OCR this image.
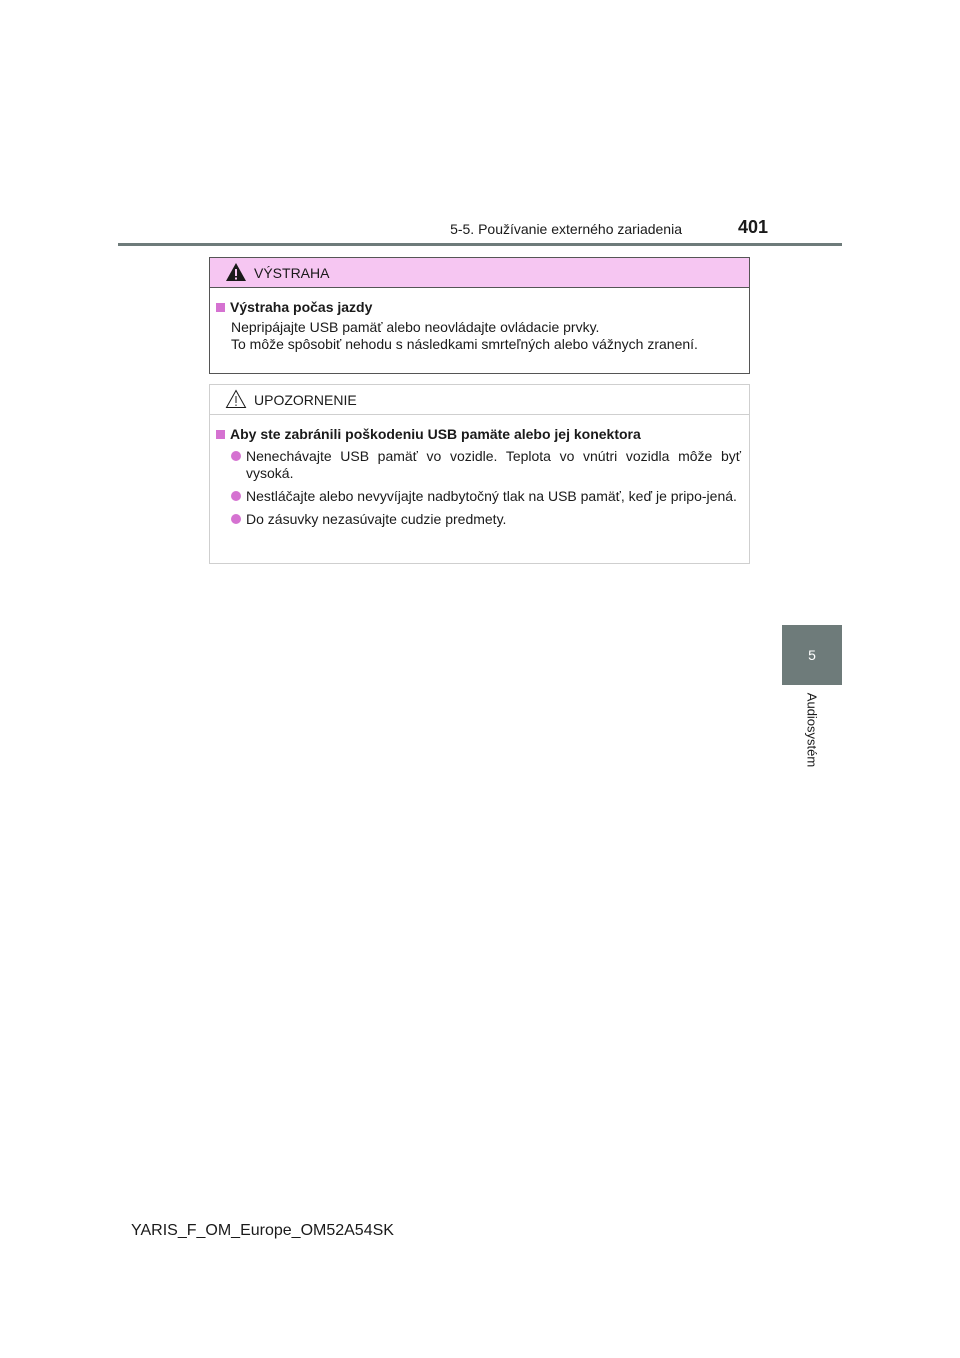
5-5. Používanie externého zariadenia	401
5
Audiosystém
VÝSTRAHA
Výstraha počas jazdy
Nepripájajte USB pamäť alebo neovládajte ovládacie prvky.
To môže spôsobiť nehodu s následkami smrteľných alebo vážnych zranení.
UPOZORNENIE
Aby ste zabránili poškodeniu USB pamäte alebo jej konektora
Nenechávajte USB pamäť vo vozidle. Teplota vo vnútri vozidla môže byť vysoká.
Nestláčajte alebo nevyvíjajte nadbytočný tlak na USB pamäť, keď je pripo-jená.
Do zásuvky nezasúvajte cudzie predmety.
YARIS_F_OM_Europe_OM52A54SK
